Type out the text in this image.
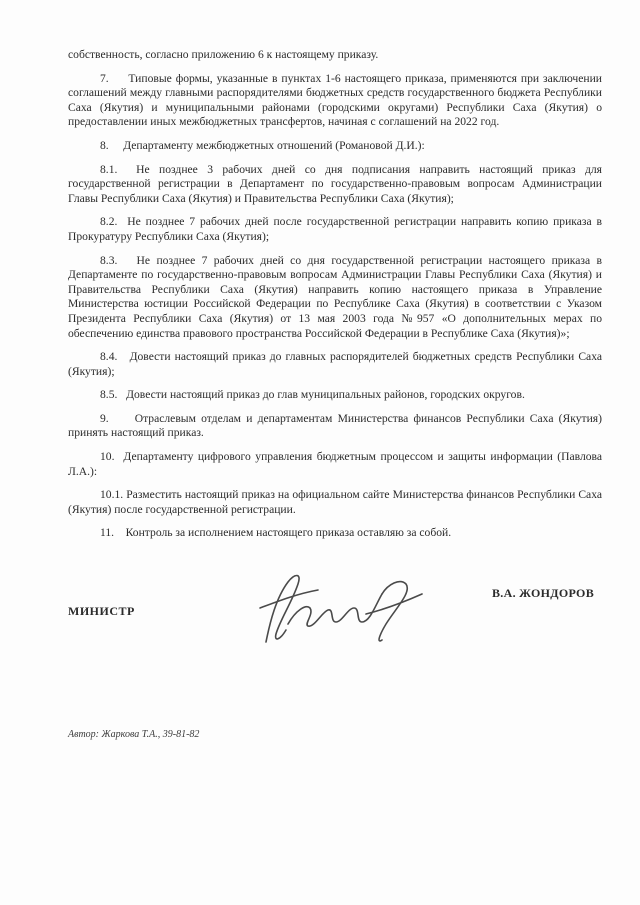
собственность, согласно приложению 6 к настоящему приказу.

7.     Типовые формы, указанные в пунктах 1-6 настоящего приказа, применяются при заключении соглашений между главными распорядителями бюджетных средств государственного бюджета Республики Саха (Якутия) и муниципальными районами (городскими округами) Республики Саха (Якутия) о предоставлении иных межбюджетных трансфертов, начиная с соглашений на 2022 год.

8.     Департаменту межбюджетных отношений (Романовой Д.И.):

8.1.  Не позднее 3 рабочих дней со дня подписания направить настоящий приказ для государственной регистрации в Департамент по государственно-правовым вопросам Администрации Главы Республики Саха (Якутия) и Правительства Республики Саха (Якутия);

8.2.  Не позднее 7 рабочих дней после государственной регистрации направить копию приказа в Прокуратуру Республики Саха (Якутия);

8.3.   Не позднее 7 рабочих дней со дня государственной регистрации настоящего приказа в Департаменте по государственно-правовым вопросам Администрации Главы Республики Саха (Якутия) и Правительства Республики Саха (Якутия) направить копию настоящего приказа в Управление Министерства юстиции Российской Федерации по Республике Саха (Якутия) в соответствии с Указом Президента Республики Саха (Якутия) от 13 мая 2003 года №957 «О дополнительных мерах по обеспечению единства правового пространства Российской Федерации в Республике Саха (Якутия)»;

8.4.   Довести настоящий приказ до главных распорядителей бюджетных средств Республики Саха (Якутия);

8.5.   Довести настоящий приказ до глав муниципальных районов, городских округов.

9.     Отраслевым отделам и департаментам Министерства финансов Республики Саха (Якутия) принять настоящий приказ.

10.  Департаменту цифрового управления бюджетным процессом и защиты информации (Павлова Л.А.):

10.1. Разместить настоящий приказ на официальном сайте Министерства финансов Республики Саха (Якутия) после государственной регистрации.

11.    Контроль за исполнением настоящего приказа оставляю за собой.

МИНИСТР
В.А. ЖОНДОРОВ
Автор: Жаркова Т.А., 39-81-82
